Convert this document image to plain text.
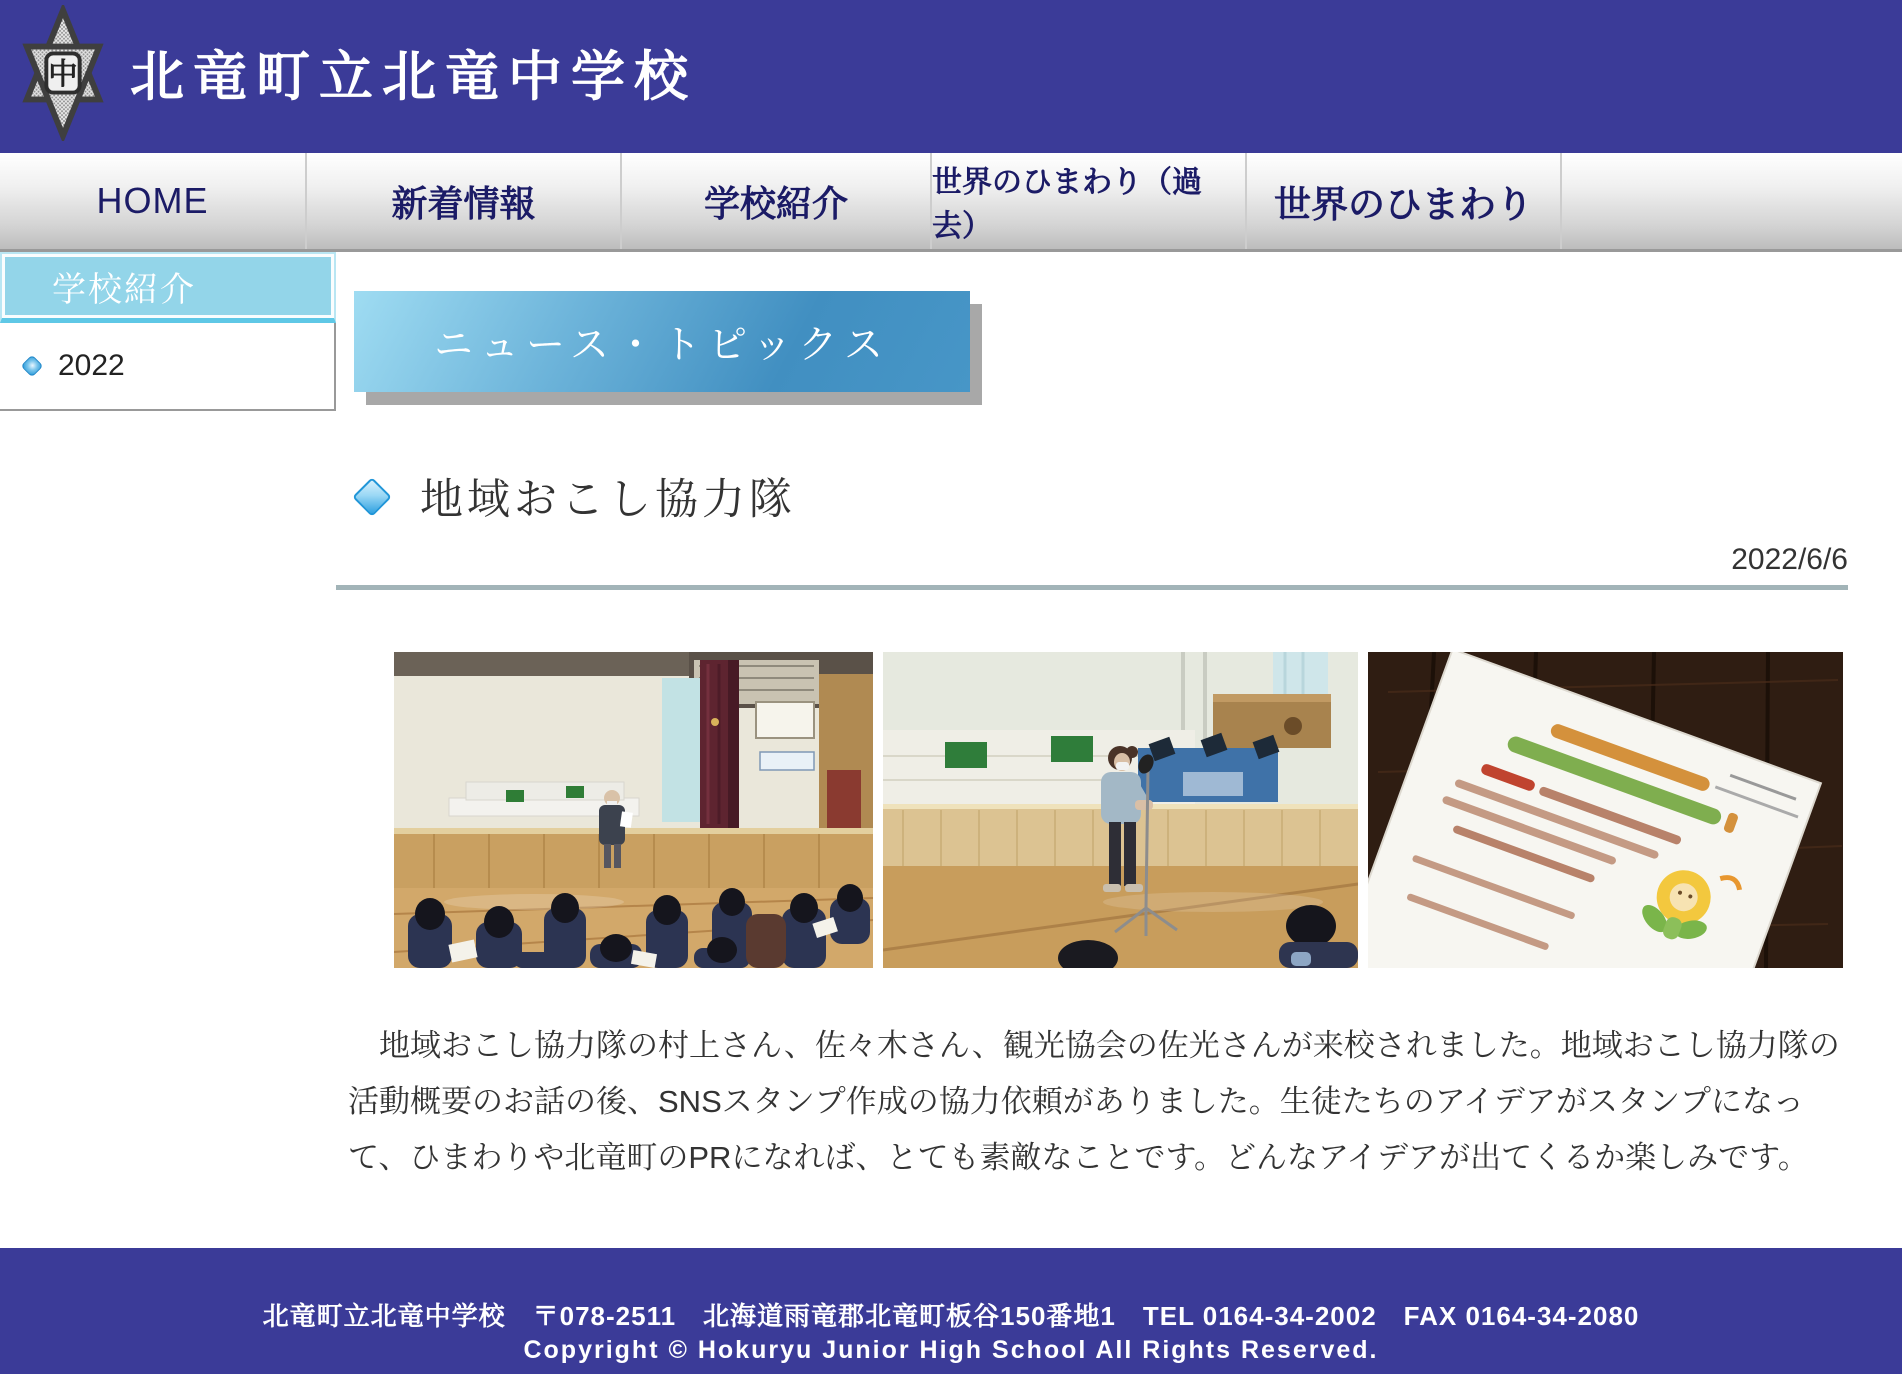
中 北竜町立北竜中学校
HOME	新着情報	学校紹介	世界のひまわり（過去）
世界のひまわり
学校紹介
2022	ニュース・トピックス
地域おこし協力隊
2022/6/6
　地域おこし協力隊の村上さん、佐々木さん、観光協会の佐光さんが来校されました。地域おこし協力隊の
活動概要のお話の後、SNSスタンプ作成の協力依頼がありました。生徒たちのアイデアがスタンプになっ
て、ひまわりや北竜町のPRになれば、とても素敵なことです。どんなアイデアが出てくるか楽しみです。
北竜町立北竜中学校　〒078-2511　北海道雨竜郡北竜町板谷150番地1　TEL 0164-34-2002　FAX 0164-34-2080
Copyright © Hokuryu Junior High School All Rights Reserved.
